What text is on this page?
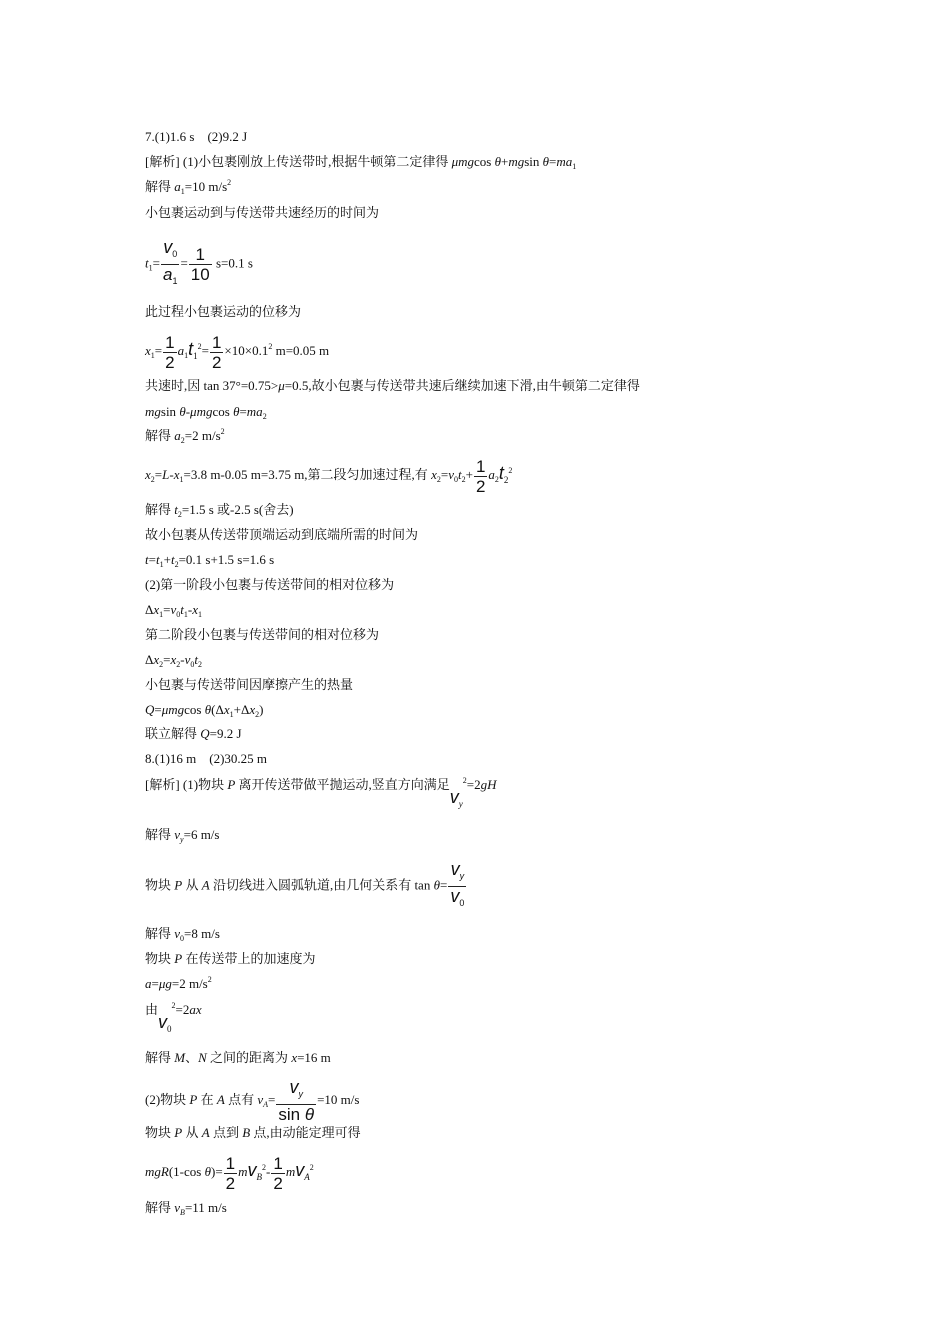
7.(1)1.6 s (2)9.2 J
[解析] (1)小包裹刚放上传送带时,根据牛顿第二定律得 μmgcos θ+mgsin $\theta=ma_1$
解得 $a_1=10$ $m/s^2$
小包裹运动到与传送带共速经历的时间为
$t_1= \frac{v_0}{a_1} = \frac{1}{10} s=0.1$ s
此过程小包裹运动的位移为
$x_1= \frac{1}{2} a_1t_1^2= \frac{1}{2} \times 10\times 0.1^2$ m=0.05 m
共速时,因 tan 37°=0.75>μ=0.5,故小包裹与传送带共速后继续加速下滑,由牛顿第二定律得
mgsin θ-μmgcos $\theta=ma_2$
解得 $a_2=2$ $m/s^2$
$x_2=L-x_1=3.8$ m-0.05 m=3.75 m,第二段匀加速过程,有 $x_2=v_0t_2+ \frac{1}{2} a_2t_2^2$
解得 $t_2=1.5$ s 或-2.5 s(舍去)
故小包裹从传送带顶端运动到底端所需的时间为
$t=t_1+t_2=0.1$ s+1.5 s=1.6 s
(2)第一阶段小包裹与传送带间的相对位移为
$\Delta x_1=v_0t_1-x_1$
第二阶段小包裹与传送带间的相对位移为
$\Delta x_2=x_2-v_0t_2$
小包裹与传送带间因摩擦产生的热量
Q=μmgcos $\theta(\Delta x_1+\Delta x_2)$
联立解得 Q=9.2 J
8.(1)16 m (2)30.25 m
[解析] (1)物块 P 离开传送带做平抛运动,竖直方向满足$v_y^2=2gH$
解得 $v_y=6$ m/s
物块 P 从 A 沿切线进入圆弧轨道,由几何关系有 $\tan \theta= \frac{v_y}{v_0}$
解得 $v_0=8$ m/s
物块 P 在传送带上的加速度为
a=μg=2 $m/s^2$
由$v_0^2=2ax$
解得 M、N 之间的距离为 x=16 m
(2)物块 P 在 A 点有 $v_A= \frac{v_y}{\text{sin θ}} =10$ m/s
物块 P 从 A 点到 B 点,由动能定理可得
mgR(1-cos $\theta)= \frac{1}{2} mv_B^2- \frac{1}{2} mv_A^2$
解得 $v_B=11$ m/s
